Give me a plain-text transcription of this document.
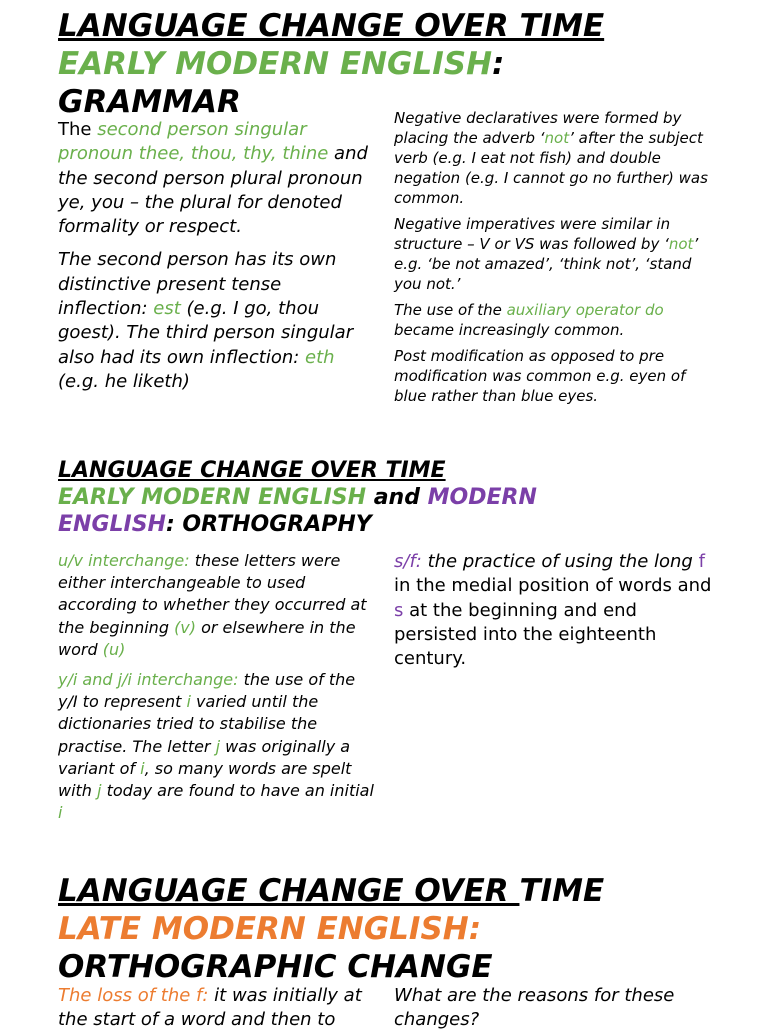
LANGUAGE CHANGE OVER TIME
EARLY MODERN ENGLISH:
GRAMMAR

The second person singular pronoun thee, thou, thy, thine and the second person plural pronoun ye, you – the plural for denoted formality or respect.

The second person has its own distinctive present tense inflection: est (e.g. I go, thou goest). The third person singular also had its own inflection: eth (e.g. he liketh)

Negative declaratives were formed by placing the adverb ‘not’ after the subject verb (e.g. I eat not fish) and double negation (e.g. I cannot go no further) was common.

Negative imperatives were similar in structure – V or VS was followed by ‘not’ e.g. ‘be not amazed’, ‘think not’, ‘stand you not.’

The use of the auxiliary operator do became increasingly common.

Post modification as opposed to pre modification was common e.g. eyen of blue rather than blue eyes.

LANGUAGE CHANGE OVER TIME
EARLY MODERN ENGLISH and MODERN
ENGLISH: ORTHOGRAPHY

u/v interchange: these letters were either interchangeable to used according to whether they occurred at the beginning (v) or elsewhere in the word (u)

y/i and j/i interchange: the use of the y/I to represent i varied until the dictionaries tried to stabilise the practise. The letter j was originally a variant of i, so many words are spelt with j today are found to have an initial i

s/f: the practice of using the long f in the medial position of words and s at the beginning and end persisted into the eighteenth century.

LANGUAGE CHANGE OVER TIME
LATE MODERN ENGLISH:
ORTHOGRAPHIC CHANGE

The loss of the f: it was initially at the start of a word and then to

What are the reasons for these changes?
